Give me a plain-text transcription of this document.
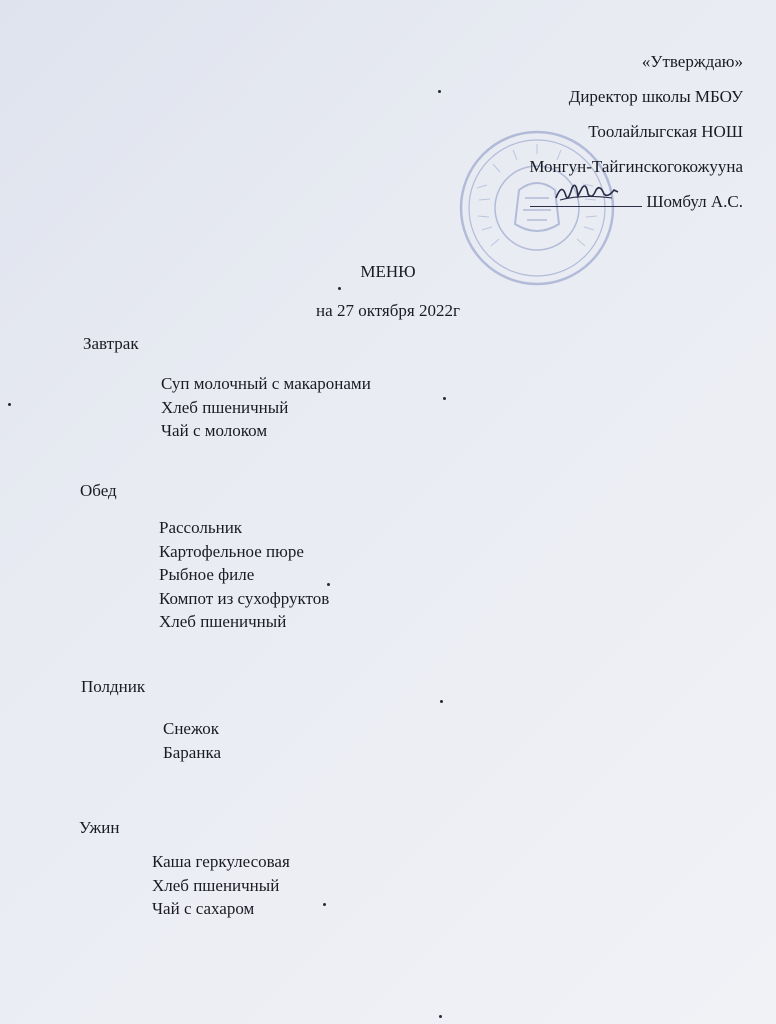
«Утверждаю»
Директор школы МБОУ
Тоолайлыгская НОШ
Монгун-Тайгинскогокожууна
Шомбул А.С.
МЕНЮ
на 27 октября 2022г
Завтрак
Суп молочный с макаронами
Хлеб пшеничный
Чай с молоком
Обед
Рассольник
Картофельное пюре
Рыбное филе
Компот из сухофруктов
Хлеб пшеничный
Полдник
Снежок
Баранка
Ужин
Каша геркулесовая
Хлеб пшеничный
Чай с сахаром
